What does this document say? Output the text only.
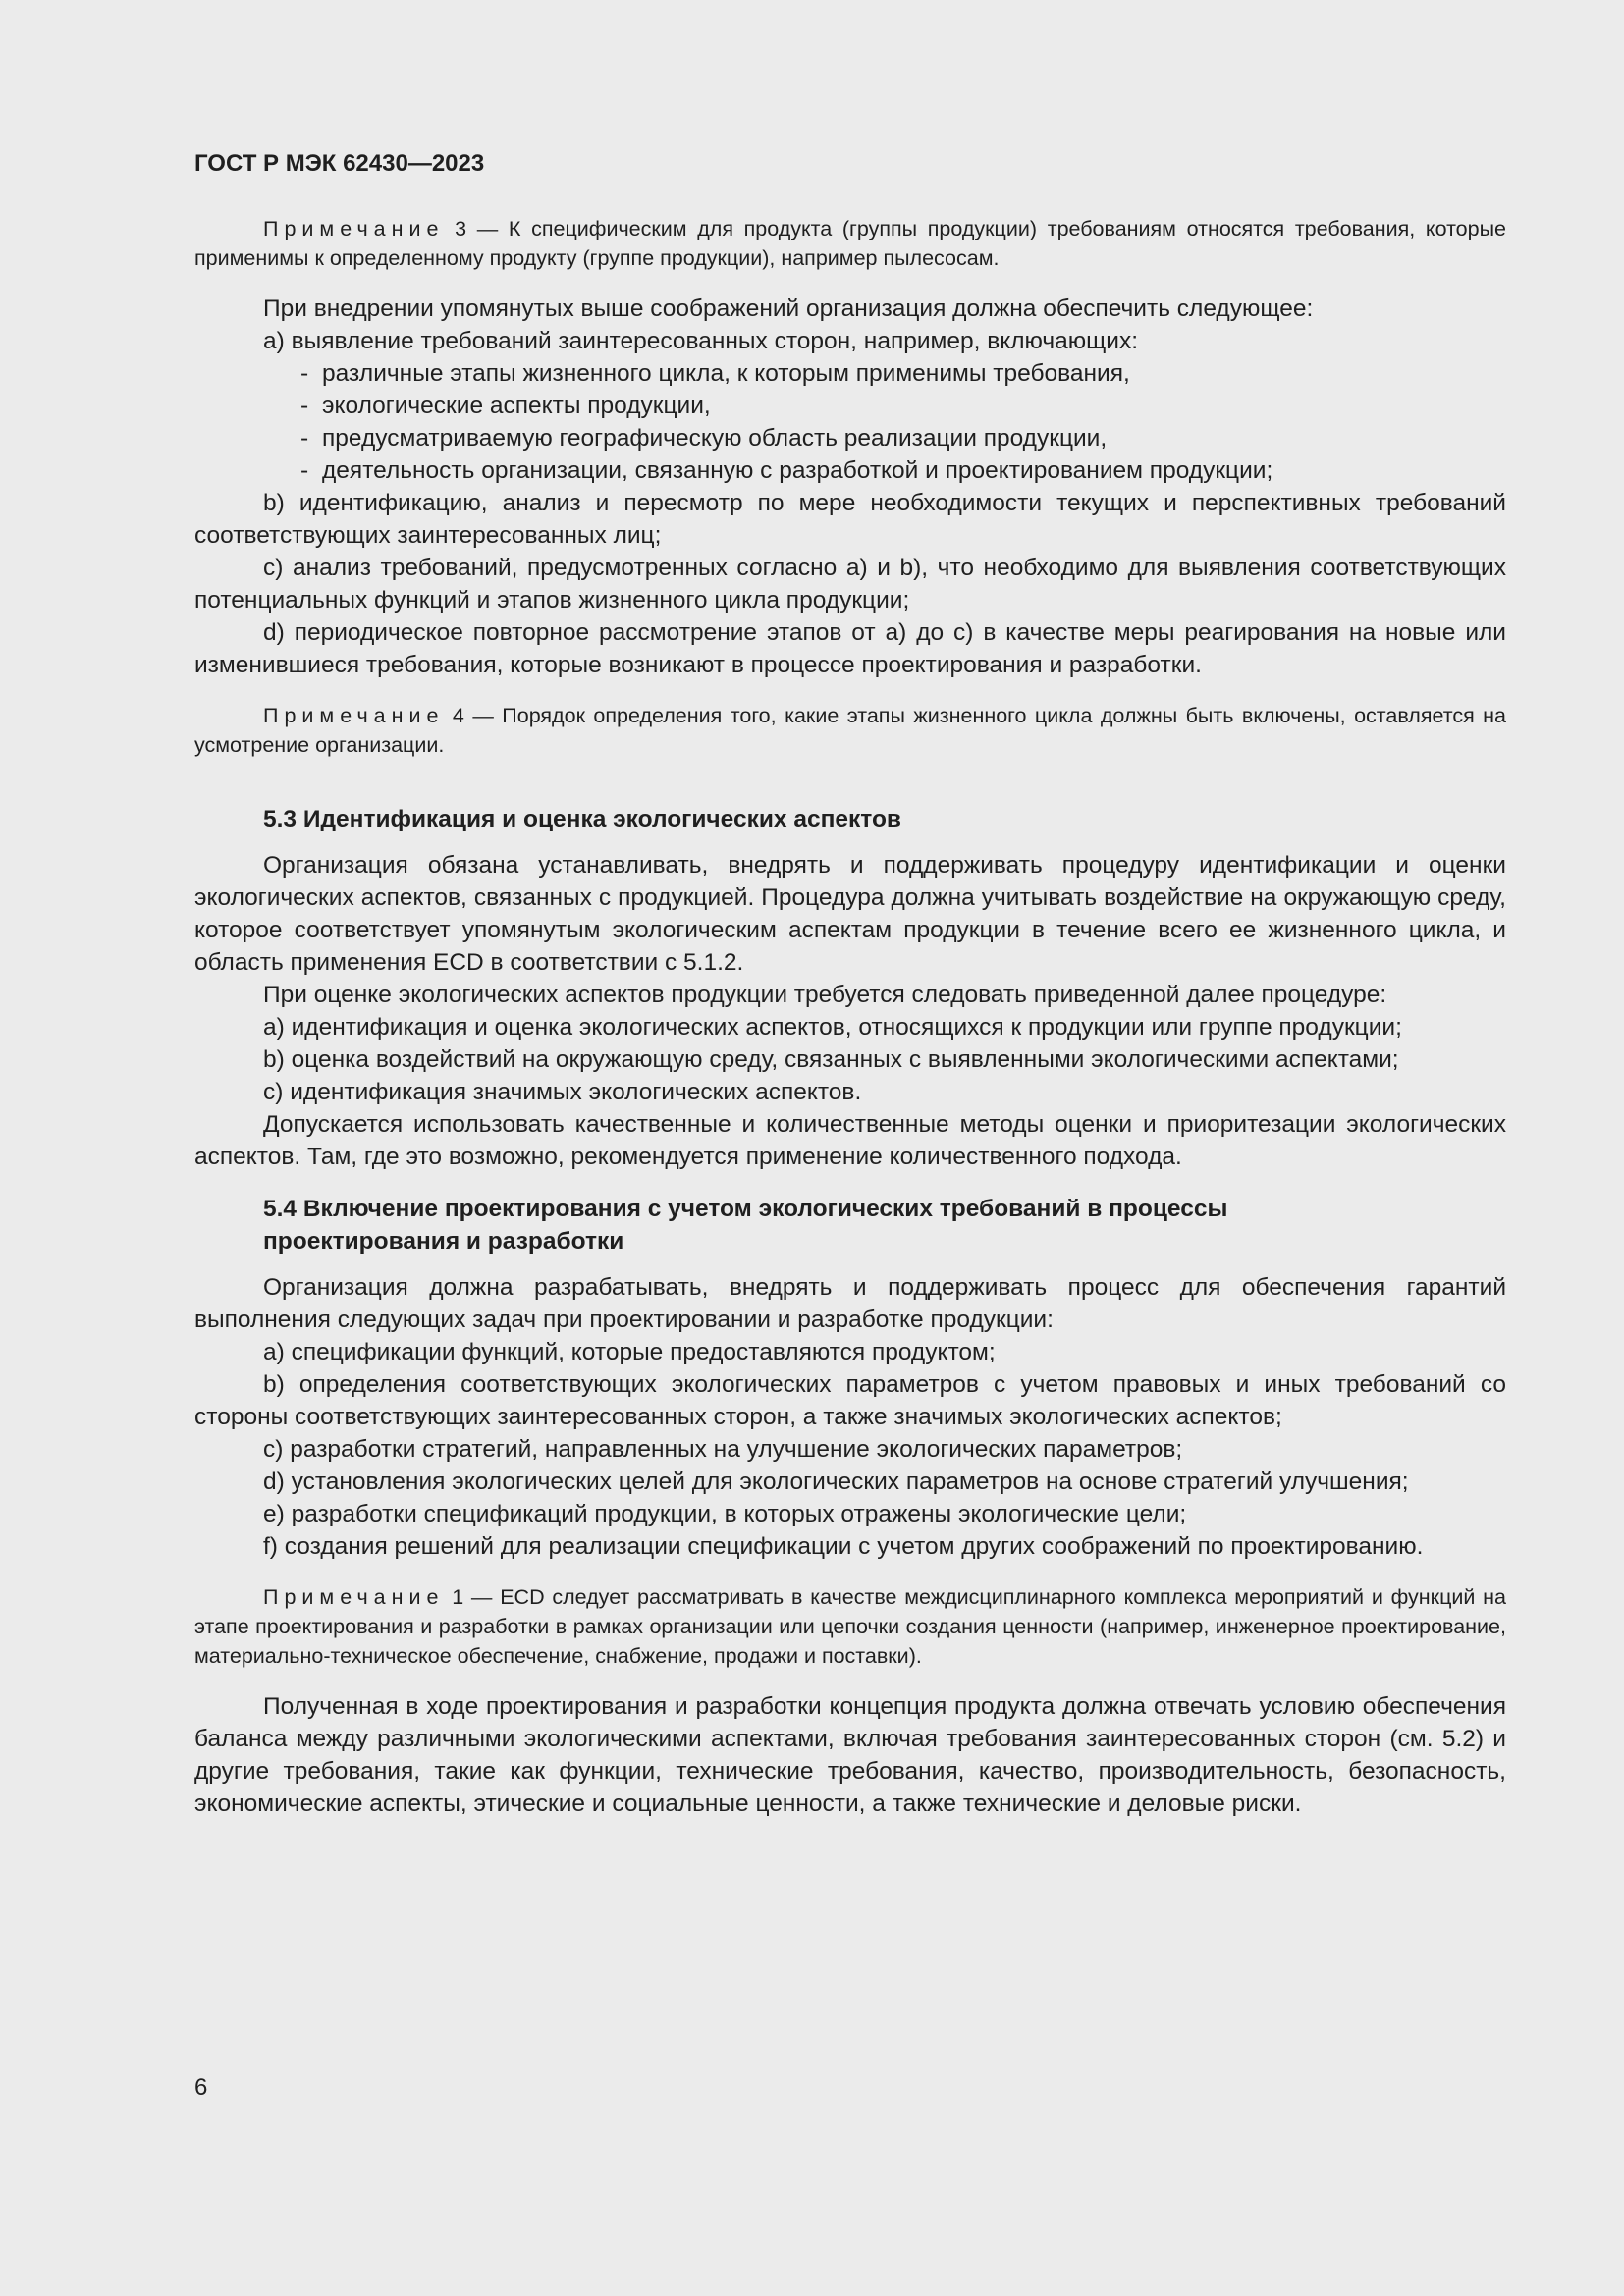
ГОСТ Р МЭК 62430—2023

Примечание 3 — К специфическим для продукта (группы продукции) требованиям относятся требования, которые применимы к определенному продукту (группе продукции), например пылесосам.

При внедрении упомянутых выше соображений организация должна обеспечить следующее:

а) выявление требований заинтересованных сторон, например, включающих:

- различные этапы жизненного цикла, к которым применимы требования,
- экологические аспекты продукции,
- предусматриваемую географическую область реализации продукции,
- деятельность организации, связанную с разработкой и проектированием продукции;

b) идентификацию, анализ и пересмотр по мере необходимости текущих и перспективных требований соответствующих заинтересованных лиц;

с) анализ требований, предусмотренных согласно а) и b), что необходимо для выявления соответствующих потенциальных функций и этапов жизненного цикла продукции;

d) периодическое повторное рассмотрение этапов от а) до с) в качестве меры реагирования на новые или изменившиеся требования, которые возникают в процессе проектирования и разработки.

Примечание 4 — Порядок определения того, какие этапы жизненного цикла должны быть включены, оставляется на усмотрение организации.

5.3 Идентификация и оценка экологических аспектов

Организация обязана устанавливать, внедрять и поддерживать процедуру идентификации и оценки экологических аспектов, связанных с продукцией. Процедура должна учитывать воздействие на окружающую среду, которое соответствует упомянутым экологическим аспектам продукции в течение всего ее жизненного цикла, и область применения ECD в соответствии с 5.1.2.

При оценке экологических аспектов продукции требуется следовать приведенной далее процедуре:

а) идентификация и оценка экологических аспектов, относящихся к продукции или группе продукции;

b) оценка воздействий на окружающую среду, связанных с выявленными экологическими аспектами;

с) идентификация значимых экологических аспектов.

Допускается использовать качественные и количественные методы оценки и приоритезации экологических аспектов. Там, где это возможно, рекомендуется применение количественного подхода.

5.4 Включение проектирования с учетом экологических требований в процессы
проектирования и разработки

Организация должна разрабатывать, внедрять и поддерживать процесс для обеспечения гарантий выполнения следующих задач при проектировании и разработке продукции:

а) спецификации функций, которые предоставляются продуктом;

b) определения соответствующих экологических параметров с учетом правовых и иных требований со стороны соответствующих заинтересованных сторон, а также значимых экологических аспектов;

с) разработки стратегий, направленных на улучшение экологических параметров;

d) установления экологических целей для экологических параметров на основе стратегий улучшения;

е) разработки спецификаций продукции, в которых отражены экологические цели;

f) создания решений для реализации спецификации с учетом других соображений по проектированию.

Примечание 1 — ECD следует рассматривать в качестве междисциплинарного комплекса мероприятий и функций на этапе проектирования и разработки в рамках организации или цепочки создания ценности (например, инженерное проектирование, материально-техническое обеспечение, снабжение, продажи и поставки).

Полученная в ходе проектирования и разработки концепция продукта должна отвечать условию обеспечения баланса между различными экологическими аспектами, включая требования заинтересованных сторон (см. 5.2) и другие требования, такие как функции, технические требования, качество, производительность, безопасность, экономические аспекты, этические и социальные ценности, а также технические и деловые риски.

6
